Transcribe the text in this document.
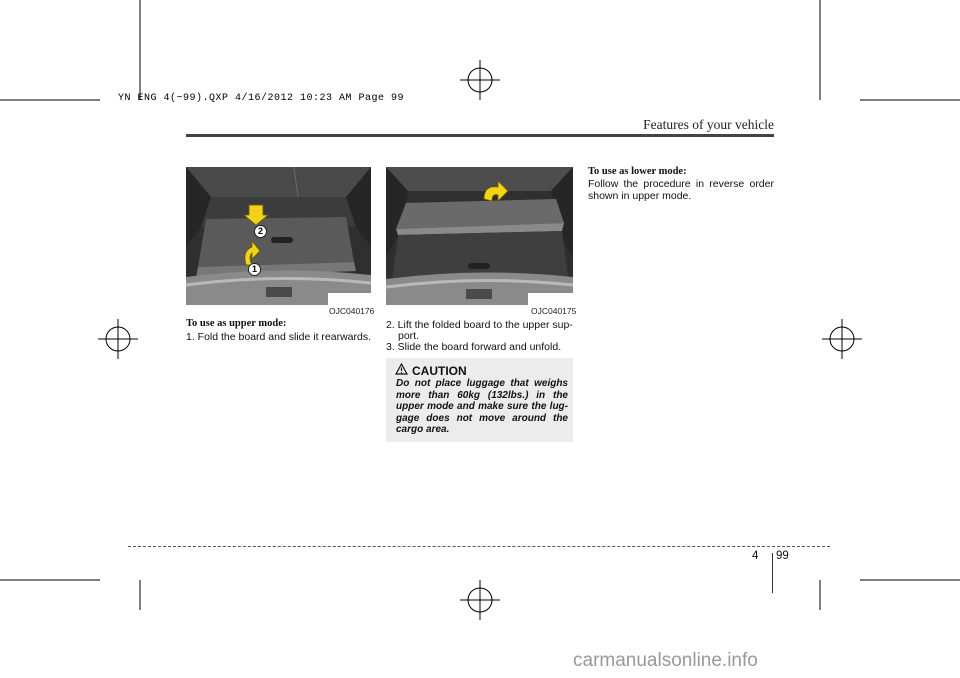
YN ENG 4(~99).QXP 4/16/2012 10:23 AM Page 99
Features of your vehicle
2
1
OJC040176	OJC040175
To use as upper mode:
1. Fold the board and slide it rearwards.
2. Lift the folded board to the upper sup-
port.
3. Slide the board forward and unfold.
CAUTION
Do not place luggage that weighs more than 60kg (132lbs.) in the upper mode and make sure the lug-gage does not move around the cargo area.
To use as lower mode:
Follow the procedure in reverse order shown in upper mode.
4 99
carmanualsonline.info
